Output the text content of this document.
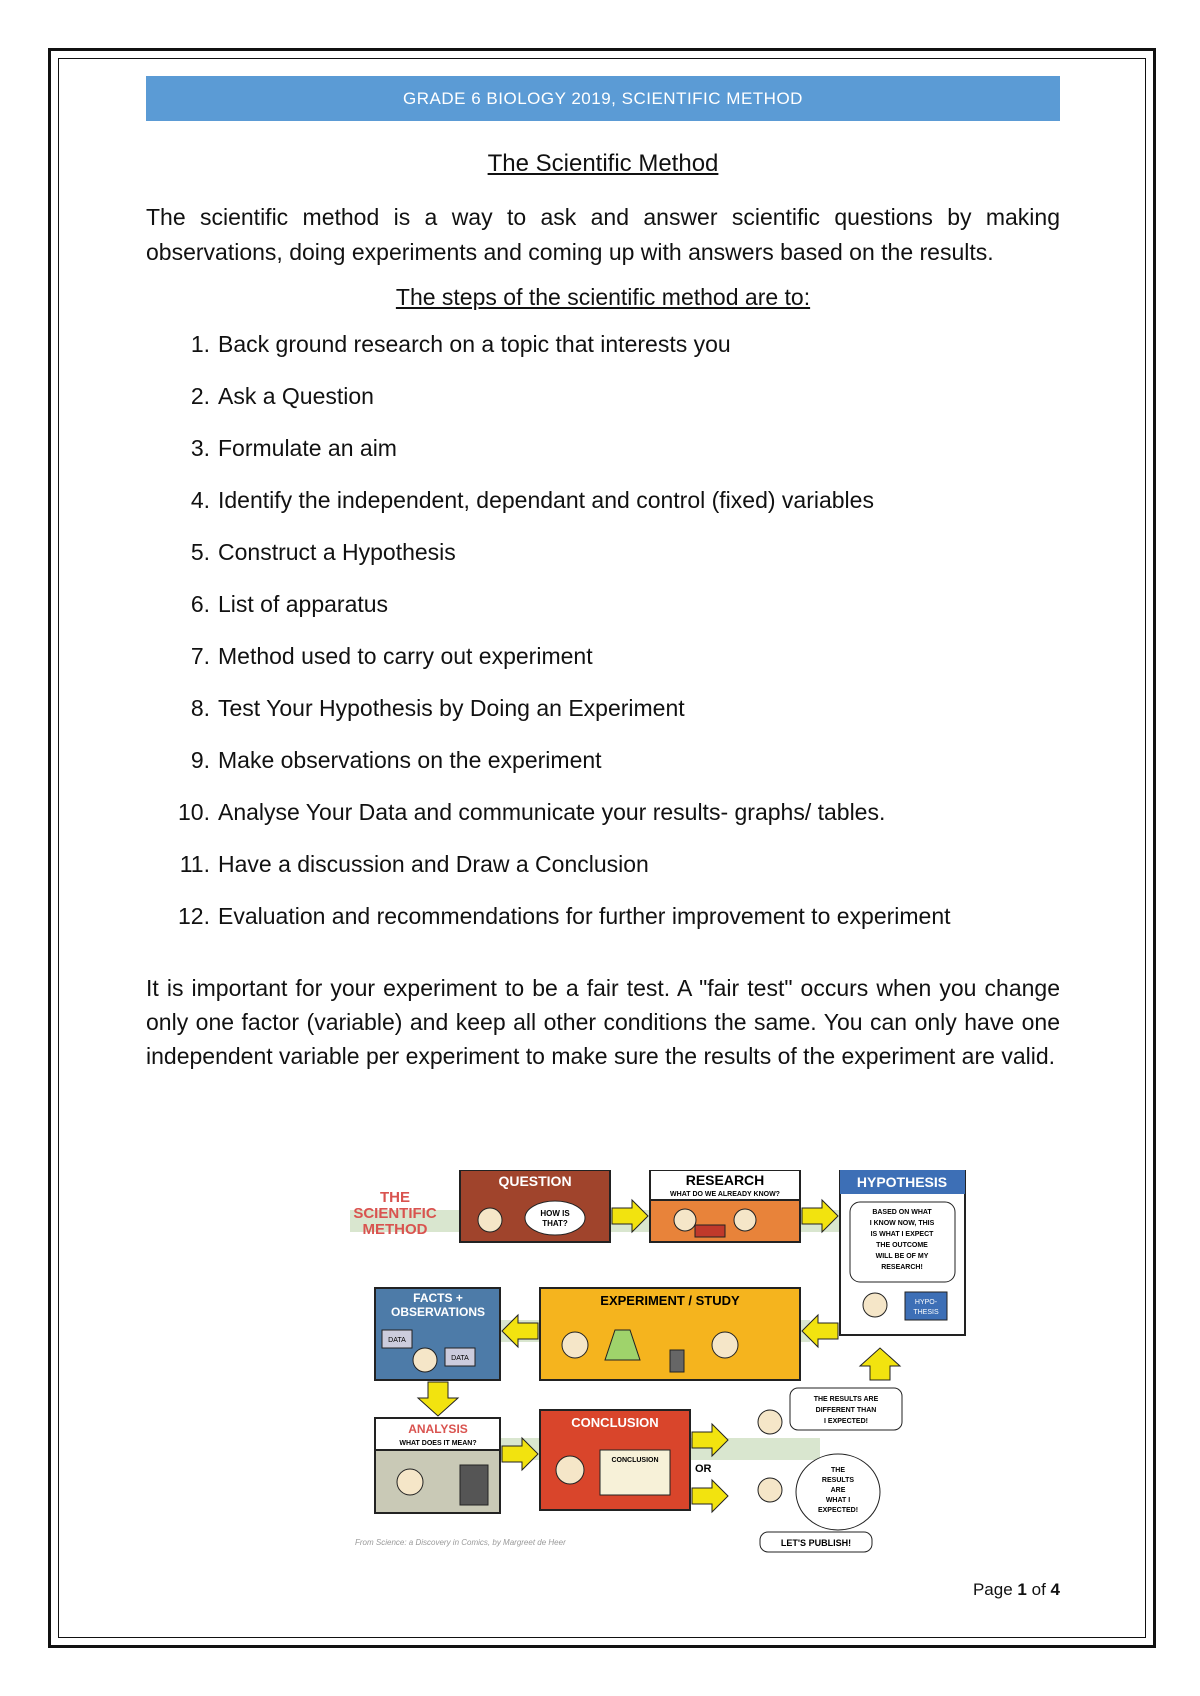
GRADE 6 BIOLOGY 2019, SCIENTIFIC METHOD

The Scientific Method

The scientific method is a way to ask and answer scientific questions by making observations, doing experiments and coming up with answers based on the results.

The steps of the scientific method are to:

1. Back ground research on a topic that interests you
2. Ask a Question
3. Formulate an aim
4. Identify the independent, dependant and control (fixed) variables
5. Construct a Hypothesis
6. List of apparatus
7. Method used to carry out experiment
8. Test Your Hypothesis by Doing an Experiment
9. Make observations on the experiment
10. Analyse Your Data and communicate your results- graphs/ tables.
11. Have a discussion and Draw a Conclusion
12. Evaluation and recommendations for further improvement to experiment

It is important for your experiment to be a fair test. A "fair test" occurs when you change only one factor (variable) and keep all other conditions the same. You can only have one independent variable per experiment to make sure the results of the experiment are valid.

THE
SCIENTIFIC
METHOD
QUESTION
HOW IS
THAT?
RESEARCH
WHAT DO WE ALREADY KNOW?
HYPOTHESIS
BASED ON WHAT
I KNOW NOW, THIS
IS WHAT I EXPECT
THE OUTCOME
WILL BE OF MY
RESEARCH!
HYPO-
THESIS
EXPERIMENT / STUDY
FACTS +
OBSERVATIONS
DATA
DATA
ANALYSIS
WHAT DOES IT MEAN?
CONCLUSION
CONCLUSION
OR
THE RESULTS ARE
DIFFERENT THAN
I EXPECTED!
THE
RESULTS
ARE
WHAT I
EXPECTED!
LET'S PUBLISH!
From Science: a Discovery in Comics, by Margreet de Heer
Page 1 of 4
